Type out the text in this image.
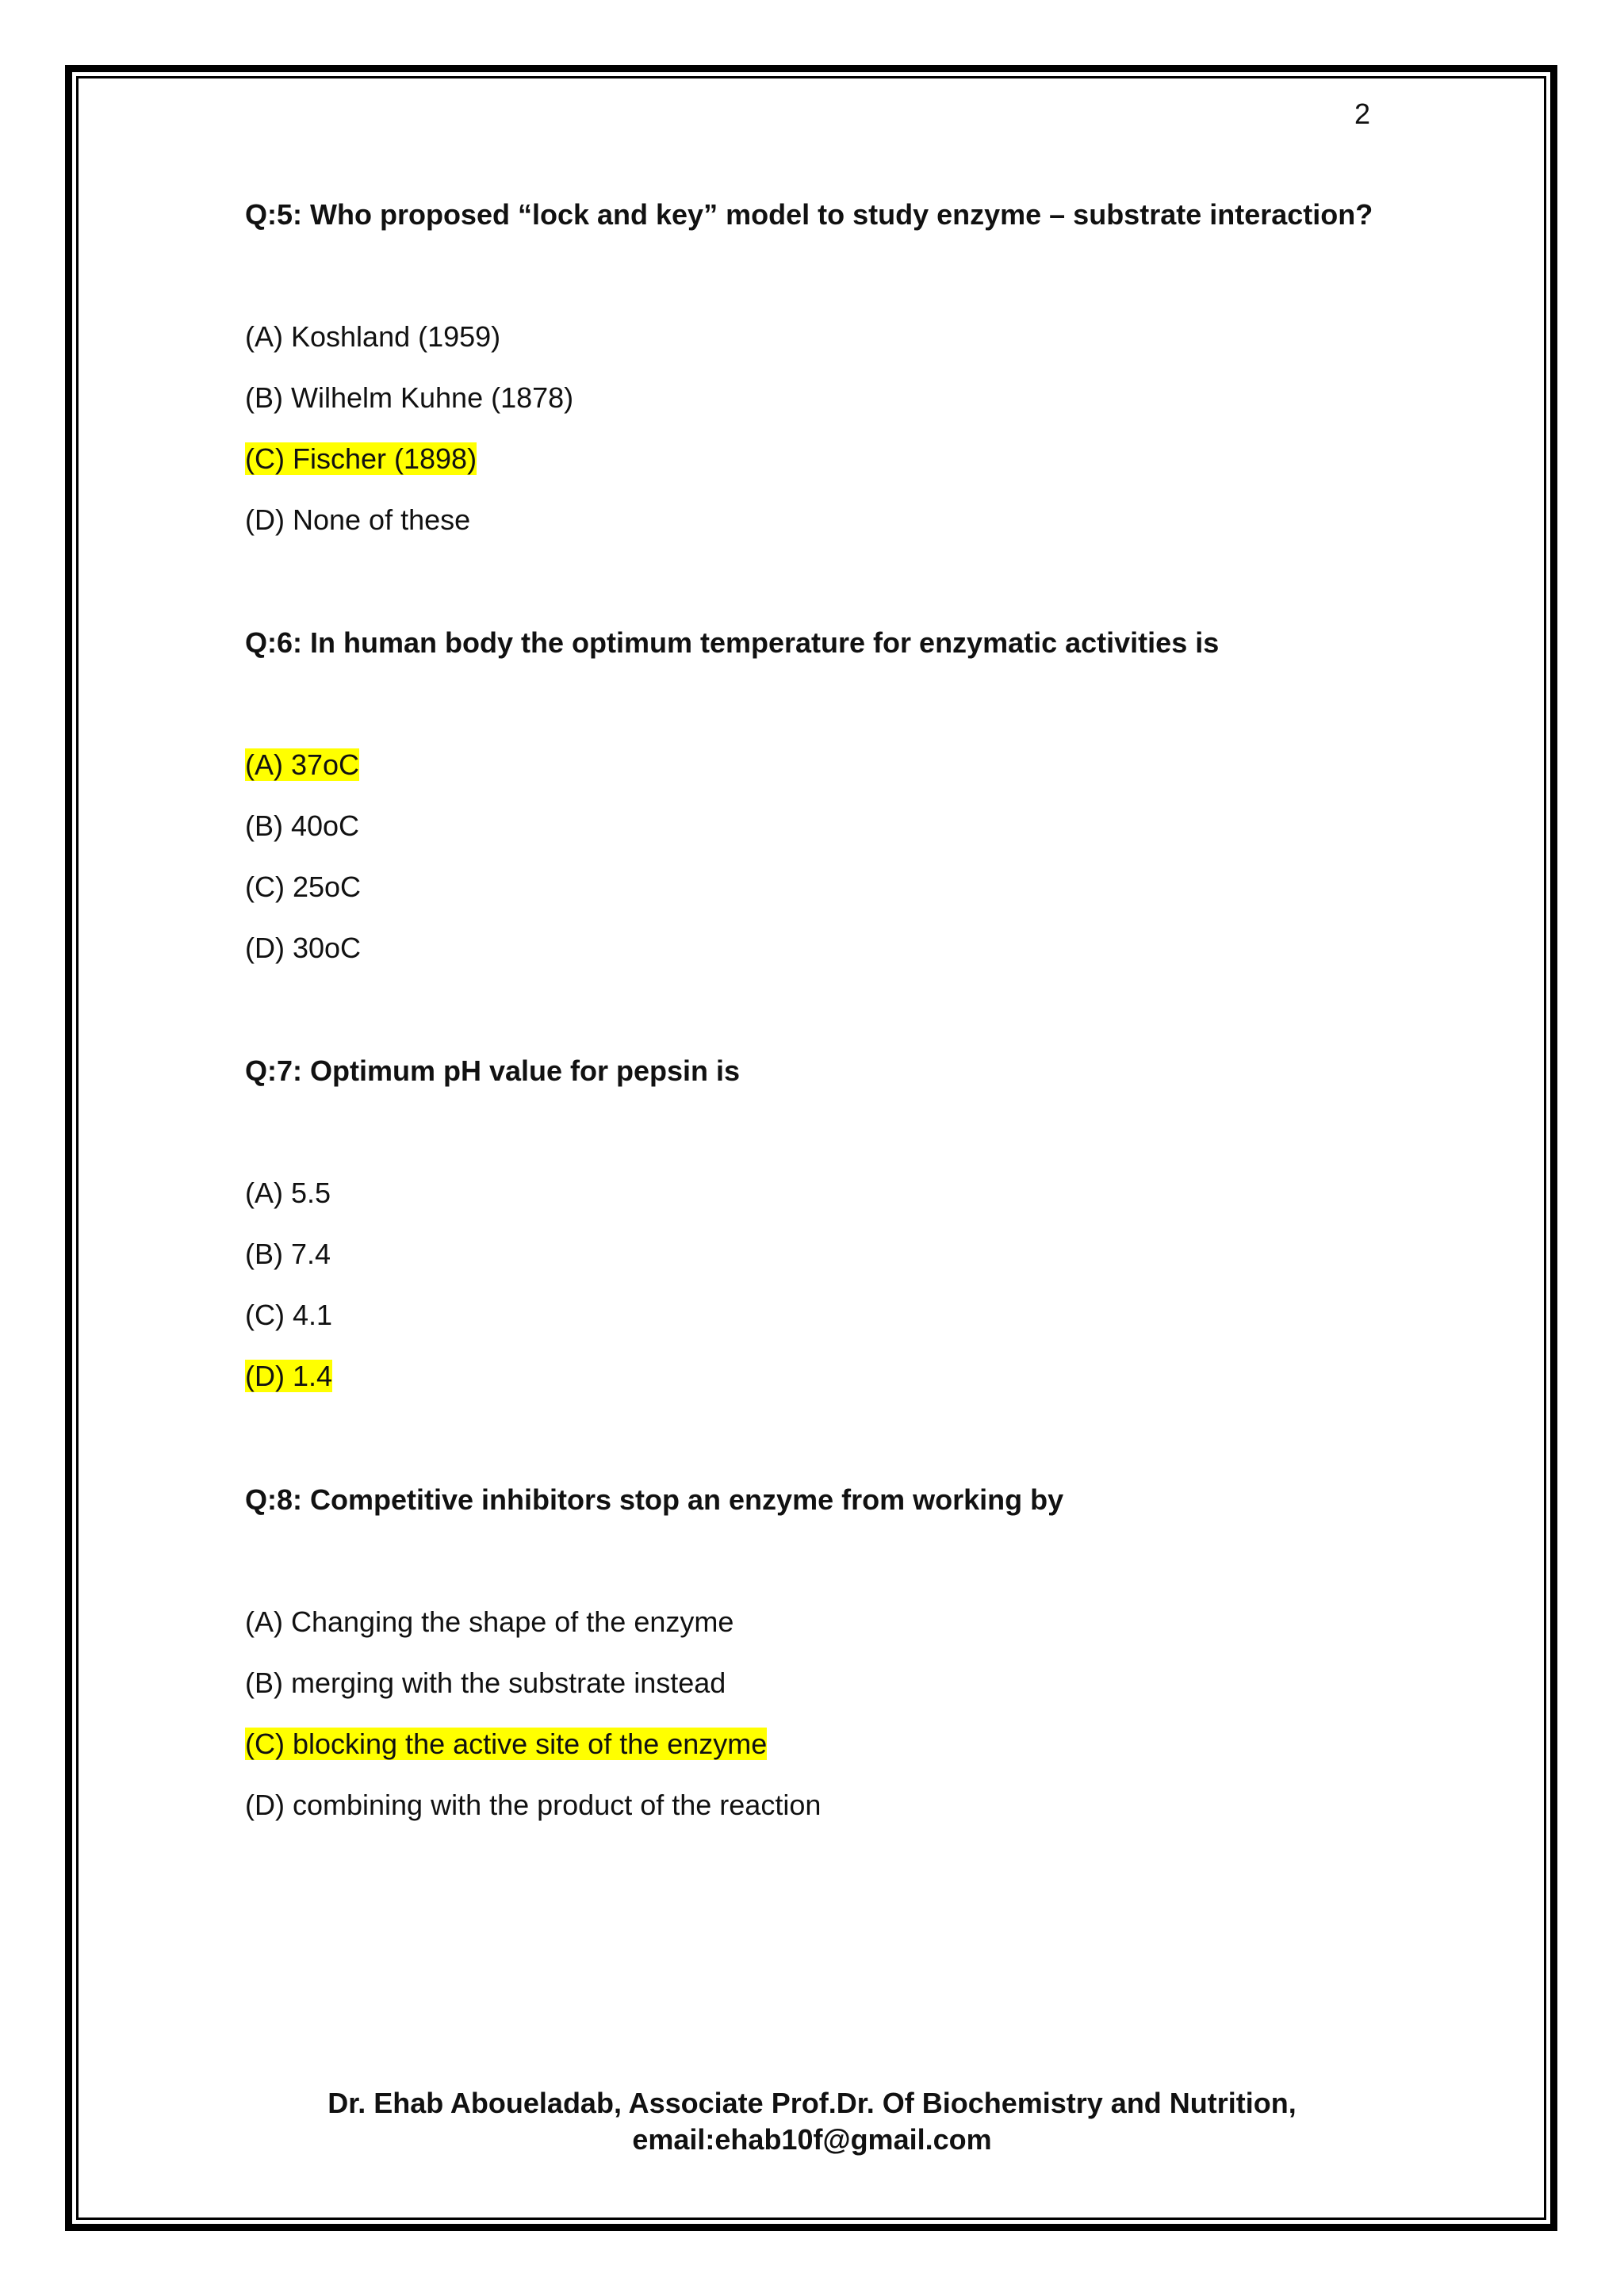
2
Q:5: Who proposed “lock and key” model to study enzyme – substrate interaction?
(A) Koshland (1959)
(B) Wilhelm Kuhne (1878)
(C) Fischer (1898)
(D) None of these
Q:6: In human body the optimum temperature for enzymatic activities is
(A) 37oC
(B) 40oC
(C) 25oC
(D) 30oC
Q:7: Optimum pH value for pepsin is
(A) 5.5
(B) 7.4
(C) 4.1
(D) 1.4
Q:8: Competitive inhibitors stop an enzyme from working by
(A) Changing the shape of the enzyme
(B) merging with the substrate instead
(C) blocking the active site of the enzyme
(D) combining with the product of the reaction
Dr. Ehab Aboueladab, Associate Prof.Dr. Of Biochemistry and Nutrition,
email:ehab10f@gmail.com
